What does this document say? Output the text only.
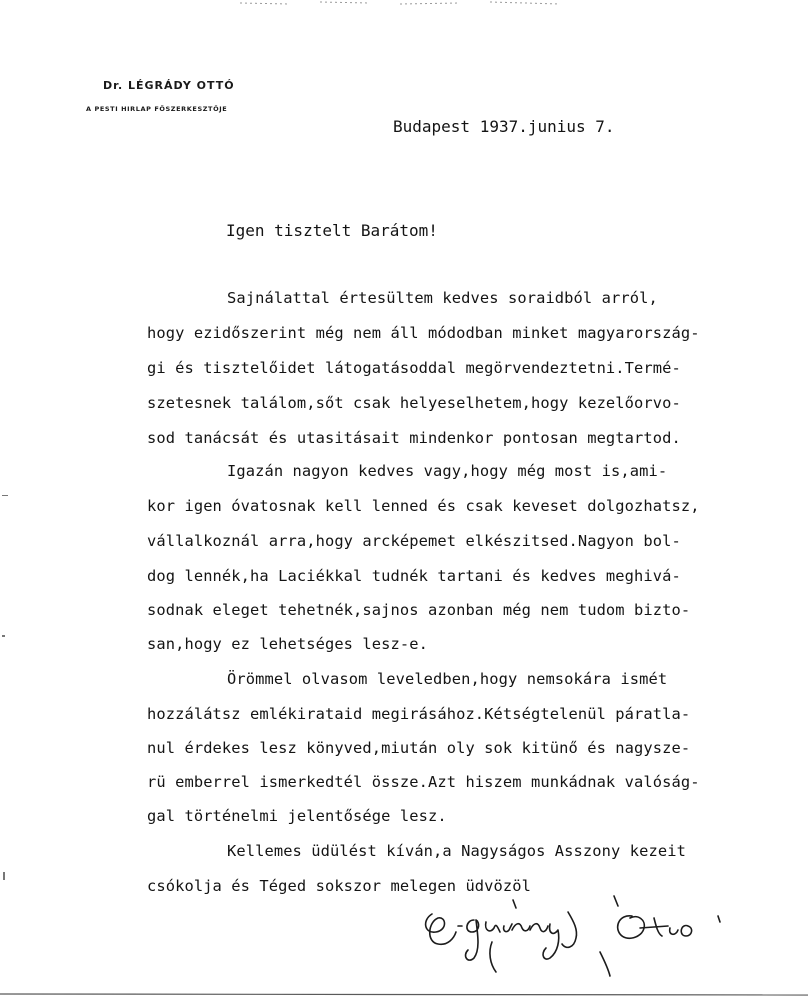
Dr. LÉGRÁDY OTTÓ
A PESTI HIRLAP FŐSZERKESZTŐJE
Budapest 1937.junius 7.
Igen tisztelt Barátom!
Sajnálattal értesültem kedves soraidból arról,
hogy ezidőszerint még nem áll módodban minket magyarország-
gi és tisztelőidet látogatásoddal megörvendeztetni.Termé-
szetesnek találom,sőt csak helyeselhetem,hogy kezelőorvo-
sod tanácsát és utasitásait mindenkor pontosan megtartod.
Igazán nagyon kedves vagy,hogy még most is,ami-
kor igen óvatosnak kell lenned és csak keveset dolgozhatsz,
vállalkoznál arra,hogy arcképemet elkészitsed.Nagyon bol-
dog lennék,ha Laciékkal tudnék tartani és kedves meghivá-
sodnak eleget tehetnék,sajnos azonban még nem tudom bizto-
san,hogy ez lehetséges lesz-e.
Örömmel olvasom leveledben,hogy nemsokára ismét
hozzálátsz emlékirataid megirásához.Kétségtelenül páratla-
nul érdekes lesz könyved,miután oly sok kitünő és nagysze-
rü emberrel ismerkedtél össze.Azt hiszem munkádnak valóság-
gal történelmi jelentősége lesz.
Kellemes üdülést kíván,a Nagyságos Asszony kezeit
csókolja és Téged sokszor melegen üdvözöl
